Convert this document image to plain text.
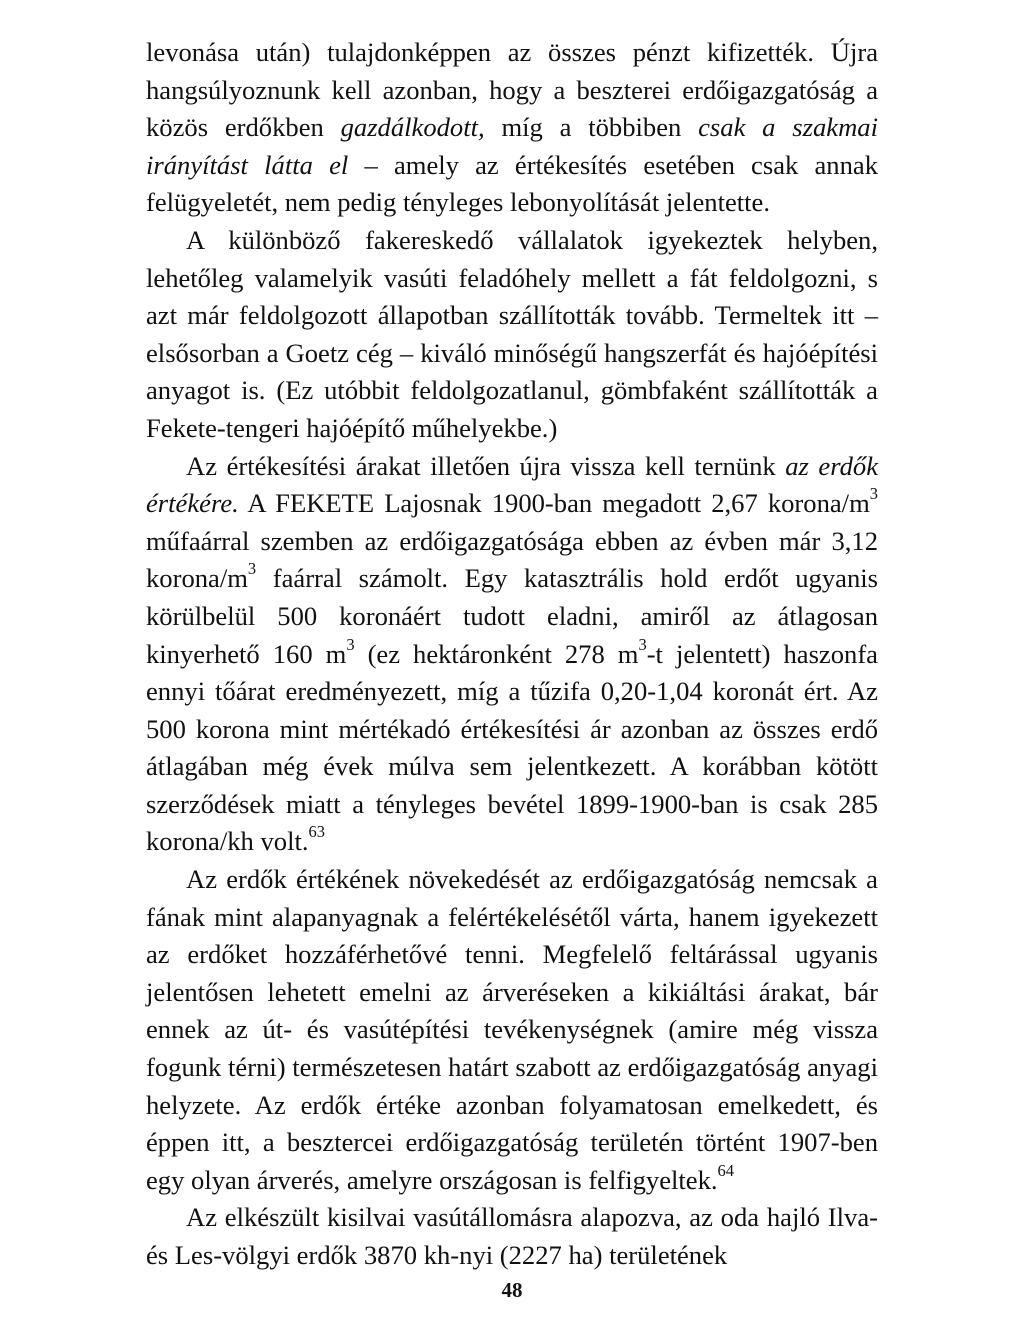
levonása után) tulajdonképpen az összes pénzt kifizették. Újra hangsúlyoznunk kell azonban, hogy a beszterei erdőigazgatóság a közös erdőkben gazdálkodott, míg a többiben csak a szakmai irányítást látta el – amely az értékesítés esetében csak annak felügyeletét, nem pedig tényleges lebonyolítását jelentette.

A különböző fakereskedő vállalatok igyekeztek helyben, lehetőleg valamelyik vasúti feladóhely mellett a fát feldolgozni, s azt már feldolgozott állapotban szállították tovább. Termeltek itt – elsősorban a Goetz cég – kiváló minőségű hangszerfát és hajóépítési anyagot is. (Ez utóbbit feldolgozatlanul, gömbfaként szállították a Fekete-tengeri hajóépítő műhelyekbe.)

Az értékesítési árakat illetően újra vissza kell ternünk az erdők értékére. A FEKETE Lajosnak 1900-ban megadott 2,67 korona/$m^3$ műfaárral szemben az erdőigazgatósága ebben az évben már 3,12 korona/$m^3$ faárral számolt. Egy katasztrális hold erdőt ugyanis körülbelül 500 koronáért tudott eladni, amiről az átlagosan kinyerhető 160 $m^3$ (ez hektáronként 278 $m^3-t$ jelentett) haszonfa ennyi tőárat eredményezett, míg a tűzifa 0,20-1,04 koronát ért. Az 500 korona mint mértékadó értékesítési ár azonban az összes erdő átlagában még évek múlva sem jelentkezett. A korábban kötött szerződések miatt a tényleges bevétel 1899-1900-ban is csak 285 korona/kh volt.$^{63}$

Az erdők értékének növekedését az erdőigazgatóság nemcsak a fának mint alapanyagnak a felértékelésétől várta, hanem igyekezett az erdőket hozzáférhetővé tenni. Megfelelő feltárással ugyanis jelentősen lehetett emelni az árveréseken a kikiáltási árakat, bár ennek az út- és vasútépítési tevékenységnek (amire még vissza fogunk térni) természetesen határt szabott az erdőigazgatóság anyagi helyzete. Az erdők értéke azonban folyamatosan emelkedett, és éppen itt, a besztercei erdőigazgatóság területén történt 1907-ben egy olyan árverés, amelyre országosan is felfigyeltek.$^{64}$

Az elkészült kisilvai vasútállomásra alapozva, az oda hajló Ilva- és Les-völgyi erdők 3870 kh-nyi (2227 ha) területének

48
